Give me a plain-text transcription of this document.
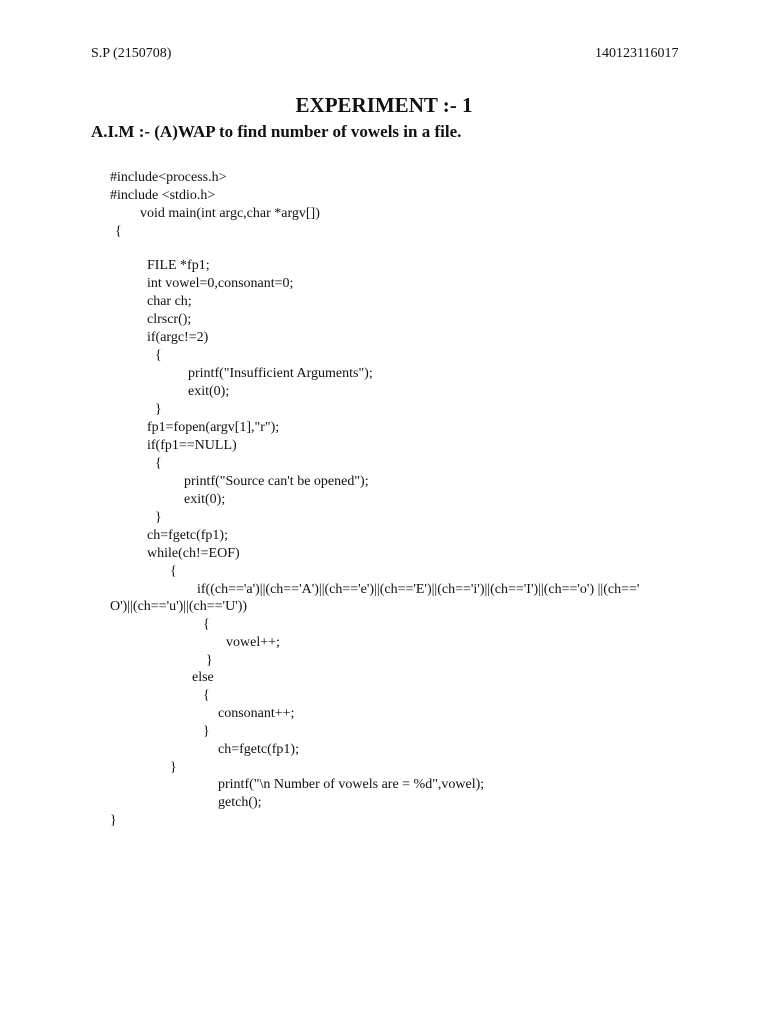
S.P (2150708)	140123116017
EXPERIMENT :- 1
A.I.M :- (A)WAP to find number of vowels in a file.
#include<process.h>
#include <stdio.h>
void main(int argc,char *argv[])
{
FILE *fp1;
int vowel=0,consonant=0;
char ch;
clrscr();
if(argc!=2)
{
printf("Insufficient Arguments");
exit(0);
}
fp1=fopen(argv[1],"r");
if(fp1==NULL)
{
printf("Source can't be opened");
exit(0);
}
ch=fgetc(fp1);
while(ch!=EOF)
{
if((ch=='a')||(ch=='A')||(ch=='e')||(ch=='E')||(ch=='i')||(ch=='I')||(ch=='o') ||(ch=='
O')||(ch=='u')||(ch=='U'))
{
vowel++;
}
else
{
consonant++;
}
ch=fgetc(fp1);
}
printf("\n Number of vowels are = %d",vowel);
getch();
}
